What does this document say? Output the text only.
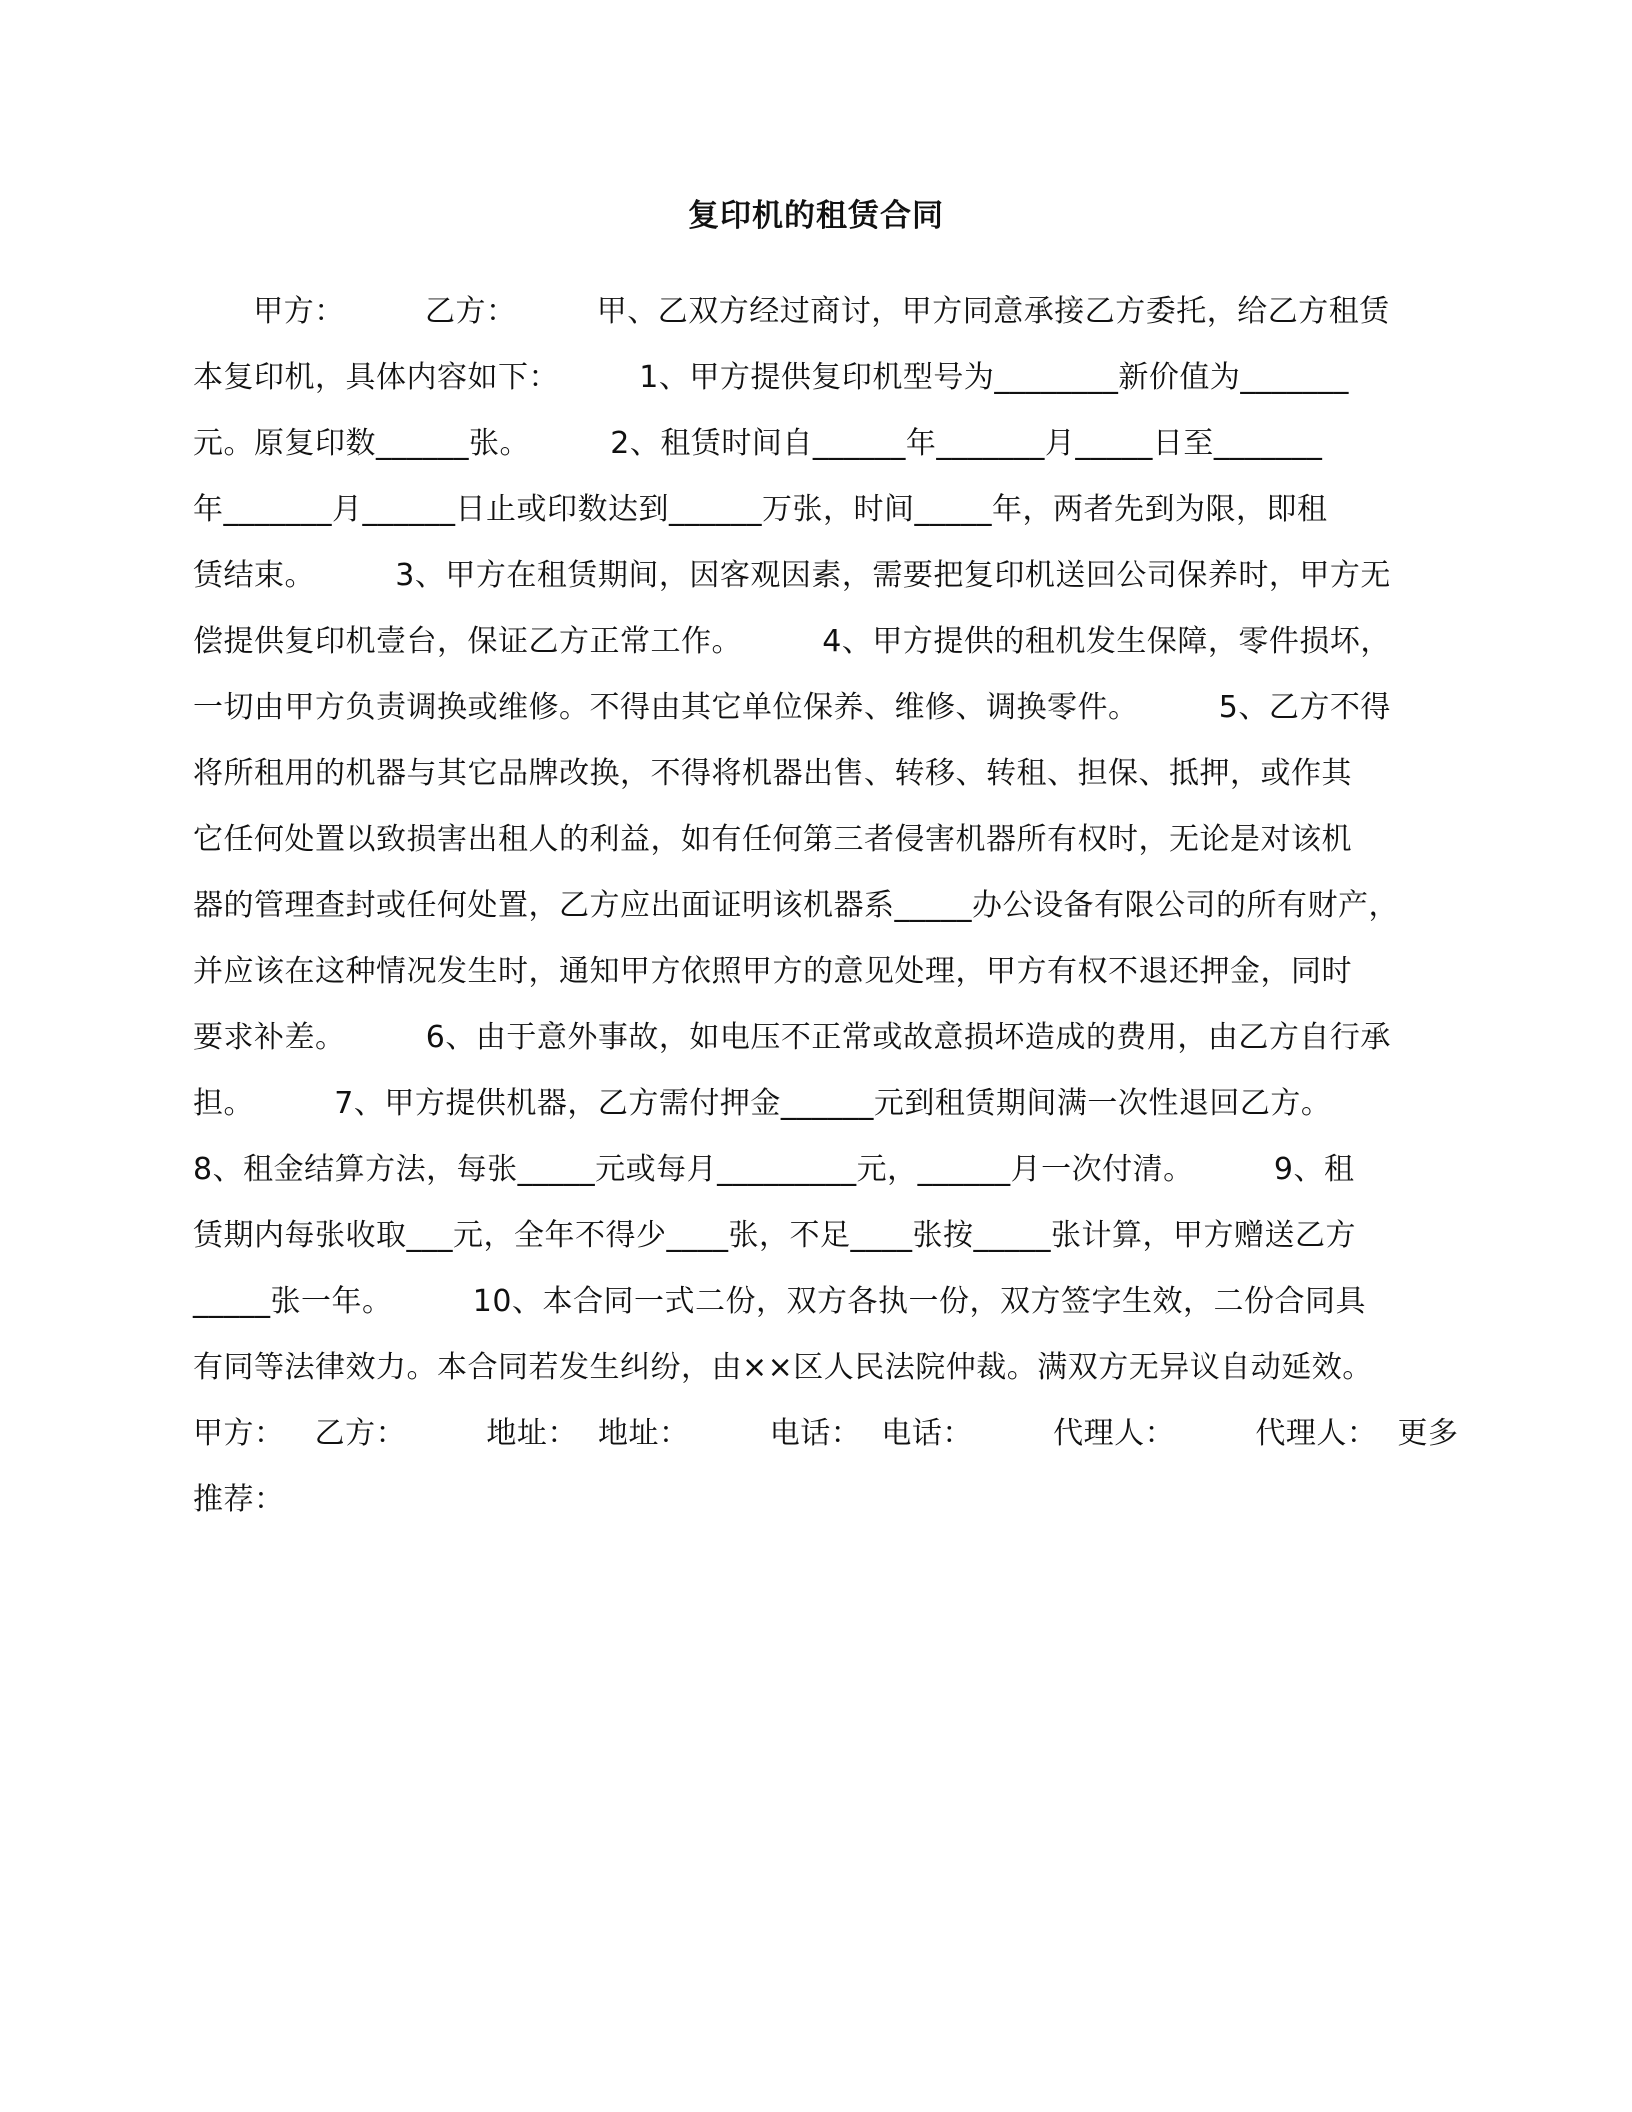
复印机的租赁合同
甲方：        乙方：        甲、乙双方经过商讨，甲方同意承接乙方委托，给乙方租赁
本复印机，具体内容如下：        1、甲方提供复印机型号为________新价值为_______
元。原复印数______张。        2、租赁时间自______年_______月_____日至_______
年_______月______日止或印数达到______万张，时间_____年，两者先到为限，即租
赁结束。        3、甲方在租赁期间，因客观因素，需要把复印机送回公司保养时，甲方无
偿提供复印机壹台，保证乙方正常工作。        4、甲方提供的租机发生保障，零件损坏，
一切由甲方负责调换或维修。不得由其它单位保养、维修、调换零件。        5、乙方不得
将所租用的机器与其它品牌改换，不得将机器出售、转移、转租、担保、抵押，或作其
它任何处置以致损害出租人的利益，如有任何第三者侵害机器所有权时，无论是对该机
器的管理查封或任何处置，乙方应出面证明该机器系_____办公设备有限公司的所有财产，
并应该在这种情况发生时，通知甲方依照甲方的意见处理，甲方有权不退还押金，同时
要求补差。        6、由于意外事故，如电压不正常或故意损坏造成的费用，由乙方自行承
担。        7、甲方提供机器，乙方需付押金______元到租赁期间满一次性退回乙方。
8、租金结算方法，每张_____元或每月_________元，______月一次付清。        9、租
赁期内每张收取___元，全年不得少____张，不足____张按_____张计算，甲方赠送乙方
_____张一年。        10、本合同一式二份，双方各执一份，双方签字生效，二份合同具
有同等法律效力。本合同若发生纠纷，由××区人民法院仲裁。满双方无异议自动延效。
甲方：   乙方：        地址：  地址：        电话：  电话：        代理人：        代理人：  更多
推荐：
